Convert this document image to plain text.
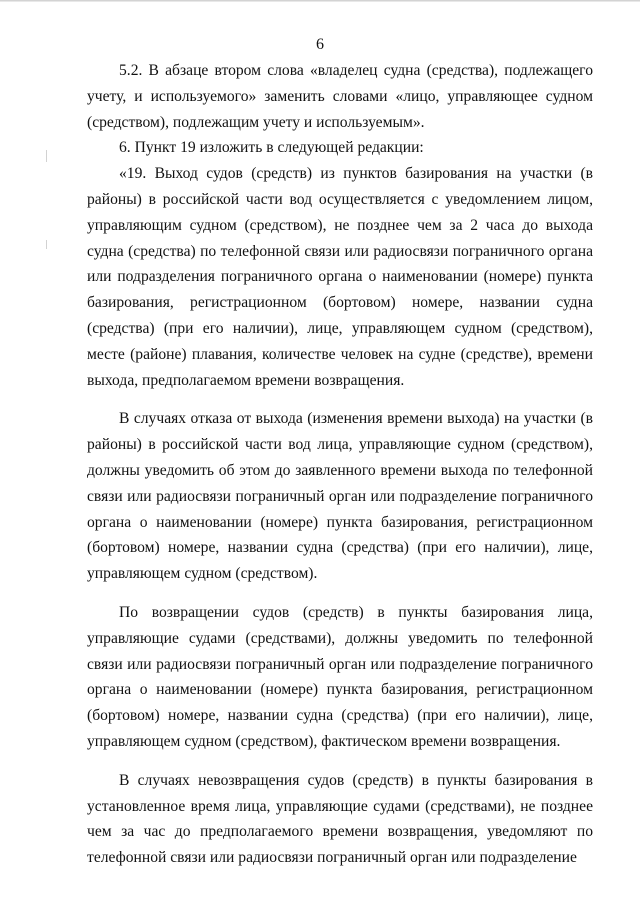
6

5.2. В абзаце втором слова «владелец судна (средства), подлежащего учету, и используемого» заменить словами «лицо, управляющее судном (средством), подлежащим учету и используемым».

6. Пункт 19 изложить в следующей редакции:

«19. Выход судов (средств) из пунктов базирования на участки (в районы) в российской части вод осуществляется с уведомлением лицом, управляющим судном (средством), не позднее чем за 2 часа до выхода судна (средства) по телефонной связи или радиосвязи пограничного органа или подразделения пограничного органа о наименовании (номере) пункта базирования, регистрационном (бортовом) номере, названии судна (средства) (при его наличии), лице, управляющем судном (средством), месте (районе) плавания, количестве человек на судне (средстве), времени выхода, предполагаемом времени возвращения.

В случаях отказа от выхода (изменения времени выхода) на участки (в районы) в российской части вод лица, управляющие судном (средством), должны уведомить об этом до заявленного времени выхода по телефонной связи или радиосвязи пограничный орган или подразделение пограничного органа о наименовании (номере) пункта базирования, регистрационном (бортовом) номере, названии судна (средства) (при его наличии), лице, управляющем судном (средством).

По возвращении судов (средств) в пункты базирования лица, управляющие судами (средствами), должны уведомить по телефонной связи или радиосвязи пограничный орган или подразделение пограничного органа о наименовании (номере) пункта базирования, регистрационном (бортовом) номере, названии судна (средства) (при его наличии), лице, управляющем судном (средством), фактическом времени возвращения.

В случаях невозвращения судов (средств) в пункты базирования в установленное время лица, управляющие судами (средствами), не позднее чем за час до предполагаемого времени возвращения, уведомляют по телефонной связи или радиосвязи пограничный орган или подразделение
